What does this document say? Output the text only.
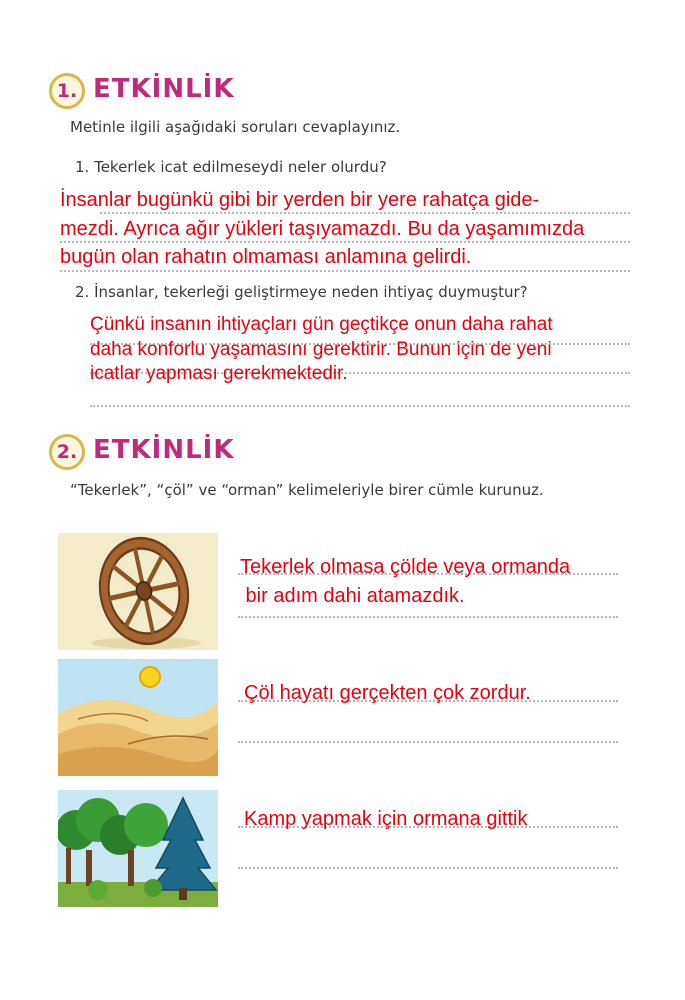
1. ETKİNLİK
Metinle ilgili aşağıdaki soruları cevaplayınız.
1. Tekerlek icat edilmeseydi neler olurdu?

İnsanlar bugünkü gibi bir yerden bir yere rahatça gide-

mezdi. Ayrıca ağır yükleri taşıyamazdı. Bu da yaşamımızda

bugün olan rahatın olmaması anlamına gelirdi.

2. İnsanlar, tekerleği geliştirmeye neden ihtiyaç duymuştur?

Çünkü insanın ihtiyaçları gün geçtikçe onun daha rahat

daha konforlu yaşamasını gerektirir. Bunun için de yeni

icatlar yapması gerekmektedir.

2. ETKİNLİK
“Tekerlek”, “çöl” ve “orman” kelimeleriyle birer cümle kurunuz.

Tekerlek olmasa çölde veya ormanda

bir adım dahi atamazdık.

Çöl hayatı gerçekten çok zordur.

Kamp yapmak için ormana gittik
